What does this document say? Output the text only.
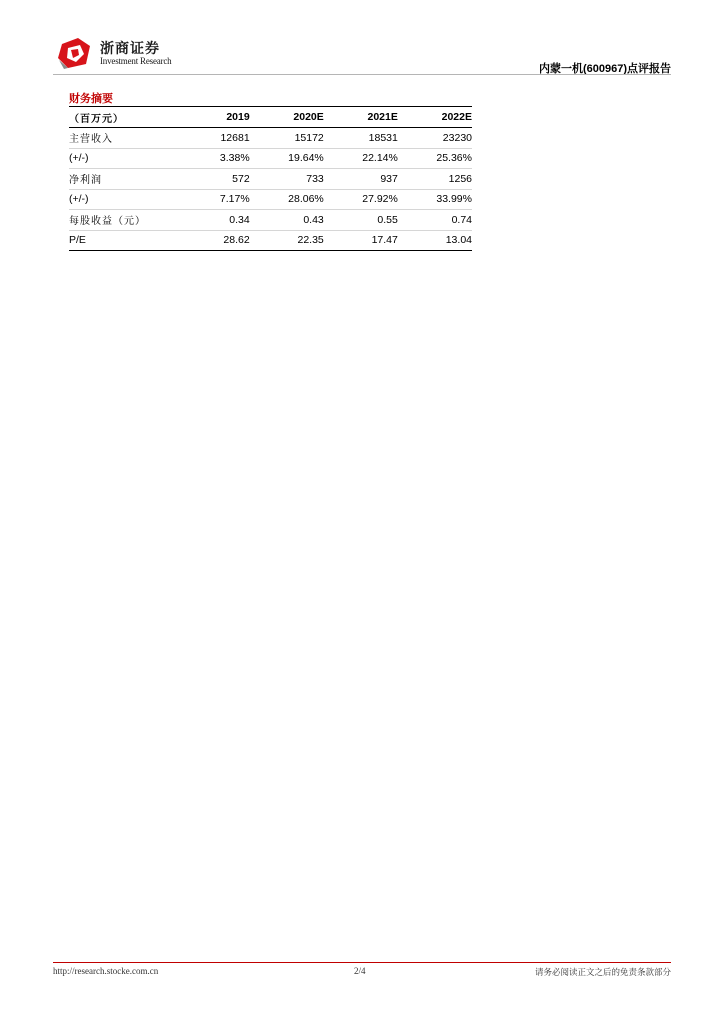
浙商证券
Investment Research
内蒙一机(600967)点评报告
财务摘要
（百万元）	2019	2020E	2021E	2022E
主营收入	12681	15172	18531	23230
(+/-)	3.38%	19.64%	22.14%	25.36%
净利润	572	733	937	1256
(+/-)	7.17%	28.06%	27.92%	33.99%
每股收益（元）	0.34	0.43	0.55	0.74
P/E	28.62	22.35	17.47	13.04
http://research.stocke.com.cn	2/4	请务必阅读正文之后的免责条款部分
